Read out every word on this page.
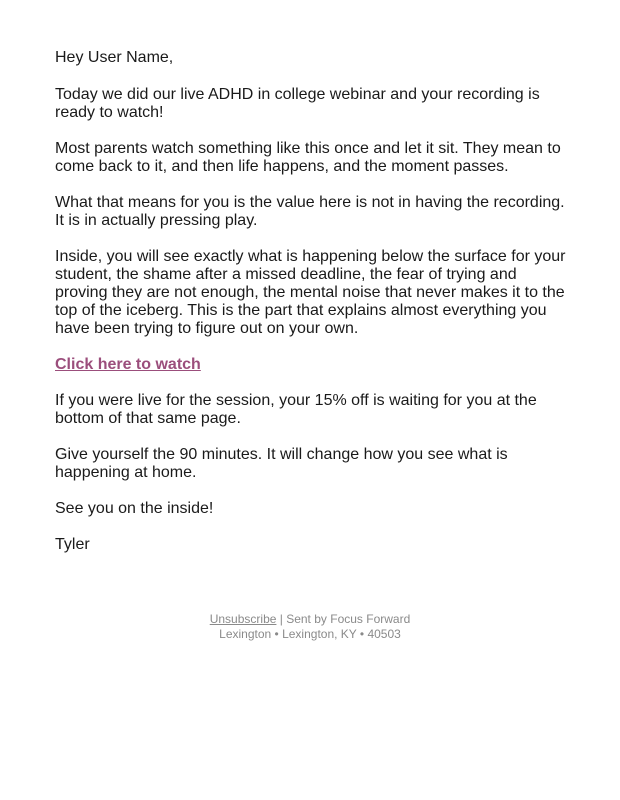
Hey User Name,

Today we did our live ADHD in college webinar and your recording is ready to watch!

Most parents watch something like this once and let it sit. They mean to come back to it, and then life happens, and the moment passes.

What that means for you is the value here is not in having the recording. It is in actually pressing play.

Inside, you will see exactly what is happening below the surface for your student, the shame after a missed deadline, the fear of trying and proving they are not enough, the mental noise that never makes it to the top of the iceberg. This is the part that explains almost everything you have been trying to figure out on your own.

Click here to watch

If you were live for the session, your 15% off is waiting for you at the bottom of that same page.

Give yourself the 90 minutes. It will change how you see what is happening at home.

See you on the inside!

Tyler

Unsubscribe | Sent by Focus Forward
Lexington • Lexington, KY • 40503
